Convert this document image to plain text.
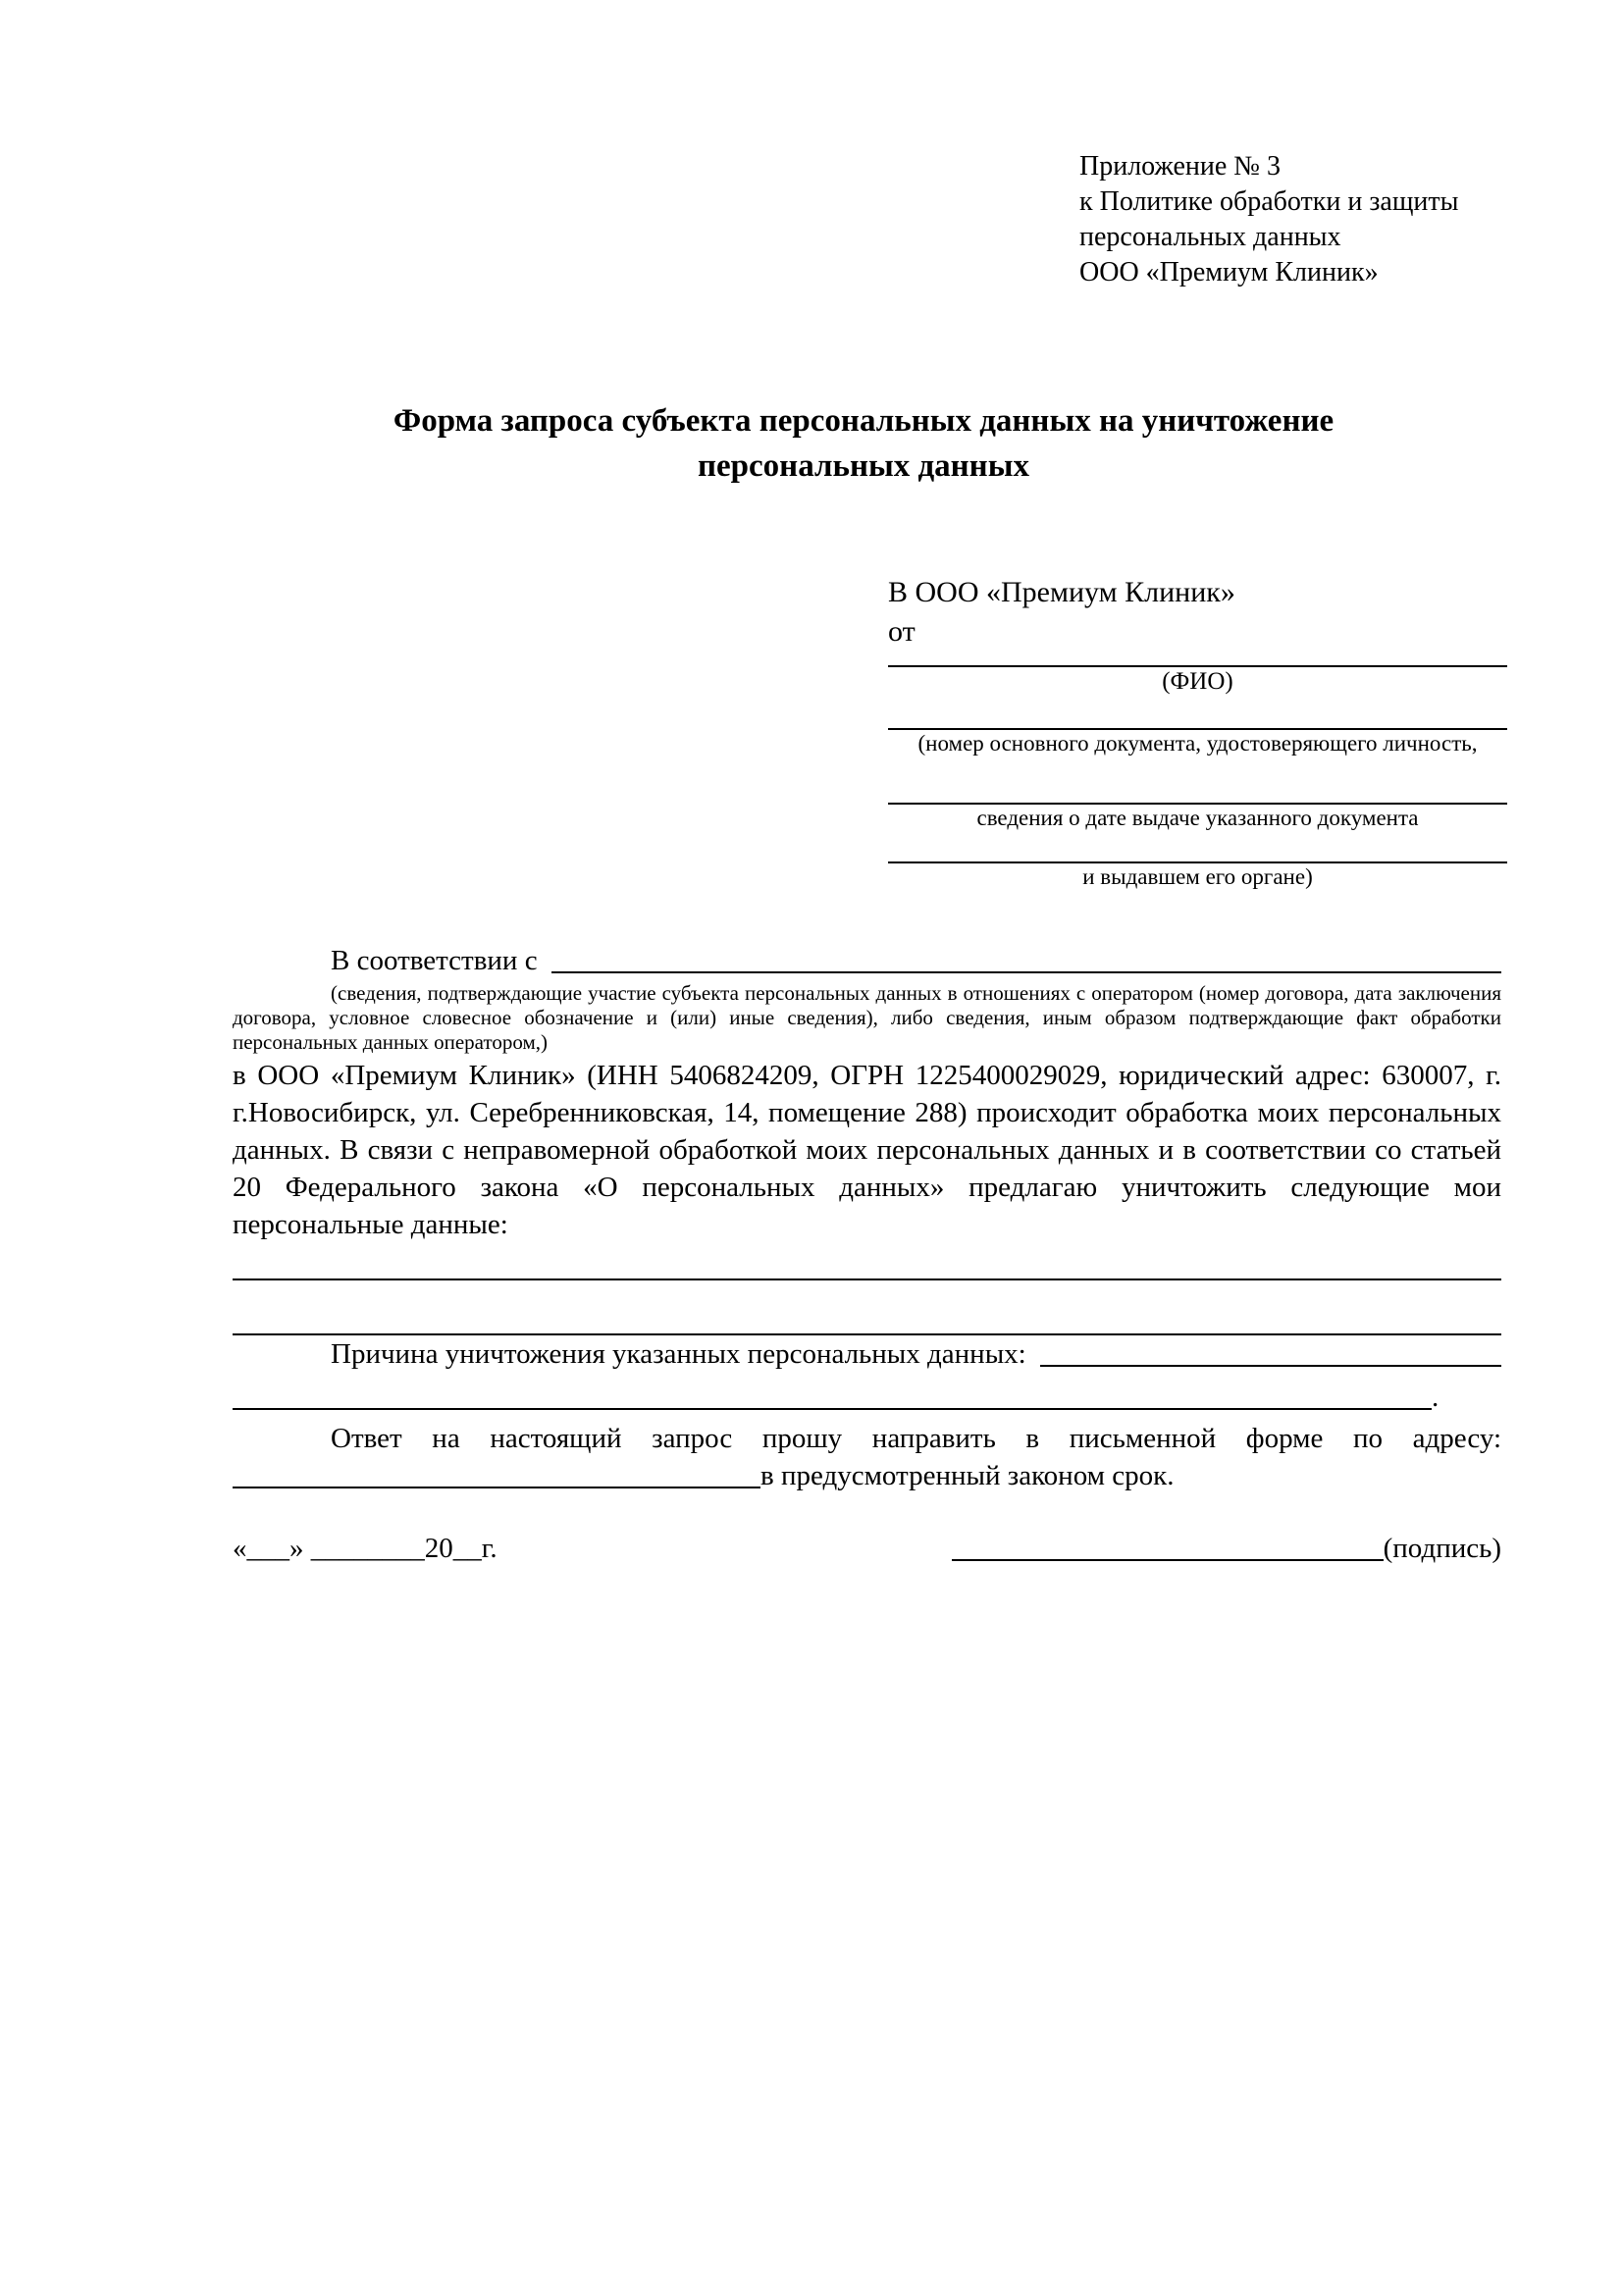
Приложение № 3
к Политике обработки и защиты
персональных данных
ООО «Премиум Клиник»
Форма запроса субъекта персональных данных на уничтожение персональных данных
В ООО «Премиум Клиник»
от
(ФИО)
(номер основного документа, удостоверяющего личность,
сведения о дате выдаче указанного документа
и выдавшем его органе)
В соответствии с
(сведения, подтверждающие участие субъекта персональных данных в отношениях с оператором (номер договора, дата заключения договора, условное словесное обозначение и (или) иные сведения), либо сведения, иным образом подтверждающие факт обработки персональных данных оператором,)
в ООО «Премиум Клиник» (ИНН 5406824209, ОГРН 1225400029029, юридический адрес: 630007, г. г.Новосибирск, ул. Серебренниковская, 14, помещение 288) происходит обработка моих персональных данных. В связи с неправомерной обработкой моих персональных данных и в соответствии со статьей 20 Федерального закона «О персональных данных» предлагаю уничтожить следующие мои персональные данные:
Причина уничтожения указанных персональных данных:
.
Ответ на настоящий запрос прошу направить в письменной форме по адресу:
в предусмотренный законом срок.
«___» ________20__г.	(подпись)
